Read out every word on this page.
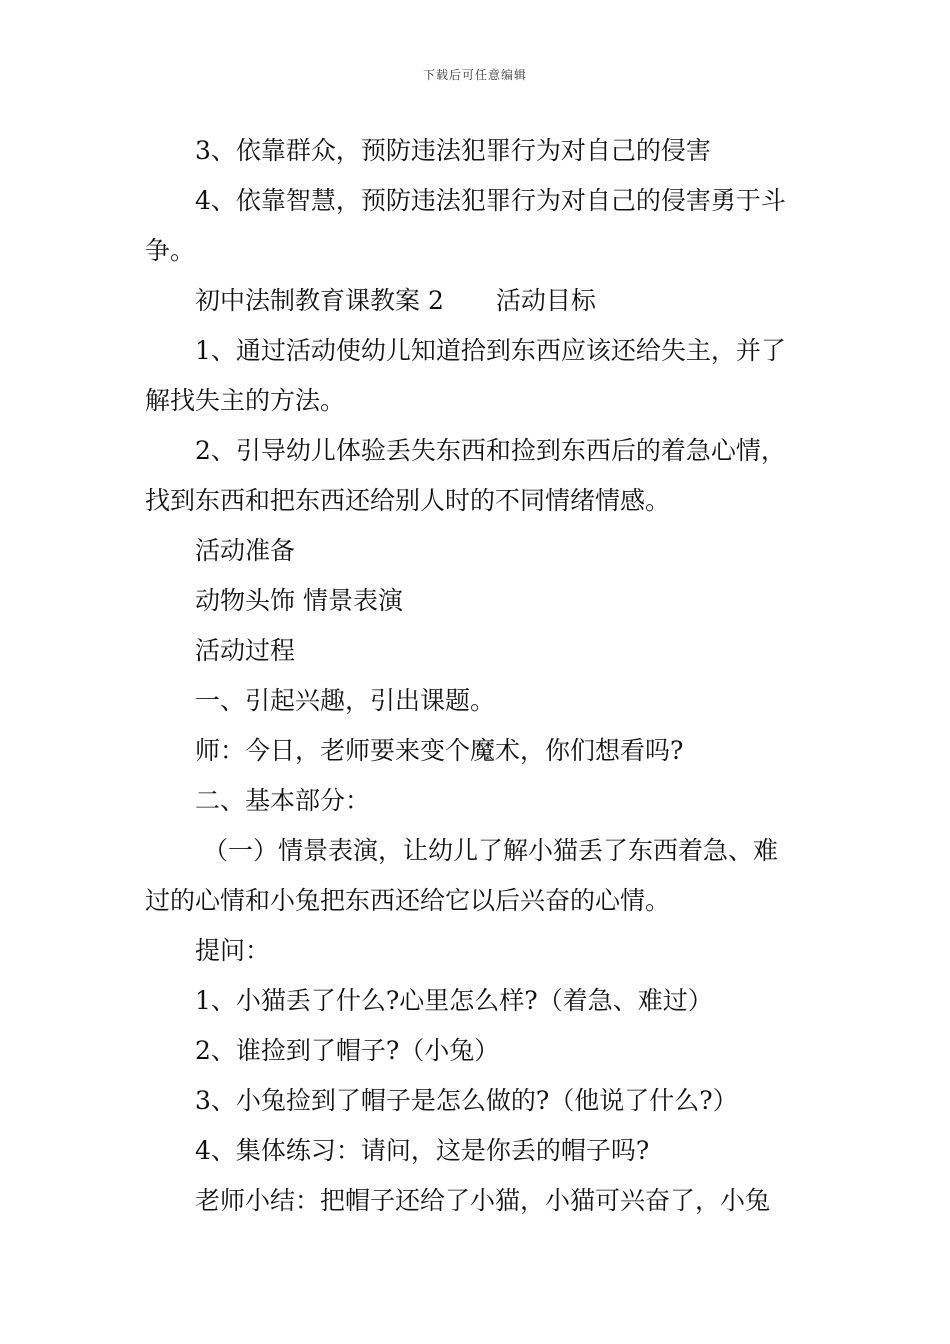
下载后可任意编辑

3、依靠群众，预防违法犯罪行为对自己的侵害

4、依靠智慧，预防违法犯罪行为对自己的侵害勇于斗

争。

初中法制教育课教案 2 活动目标

1、通过活动使幼儿知道拾到东西应该还给失主，并了

解找失主的方法。

2、引导幼儿体验丢失东西和捡到东西后的着急心情，

找到东西和把东西还给别人时的不同情绪情感。

活动准备

动物头饰 情景表演

活动过程

一、引起兴趣，引出课题。

师：今日，老师要来变个魔术，你们想看吗?

二、基本部分：

（一）情景表演，让幼儿了解小猫丢了东西着急、难

过的心情和小兔把东西还给它以后兴奋的心情。

提问：

1、小猫丢了什么?心里怎么样?（着急、难过）

2、谁捡到了帽子?（小兔）

3、小兔捡到了帽子是怎么做的?（他说了什么?）

4、集体练习：请问，这是你丢的帽子吗?

老师小结：把帽子还给了小猫，小猫可兴奋了，小兔
